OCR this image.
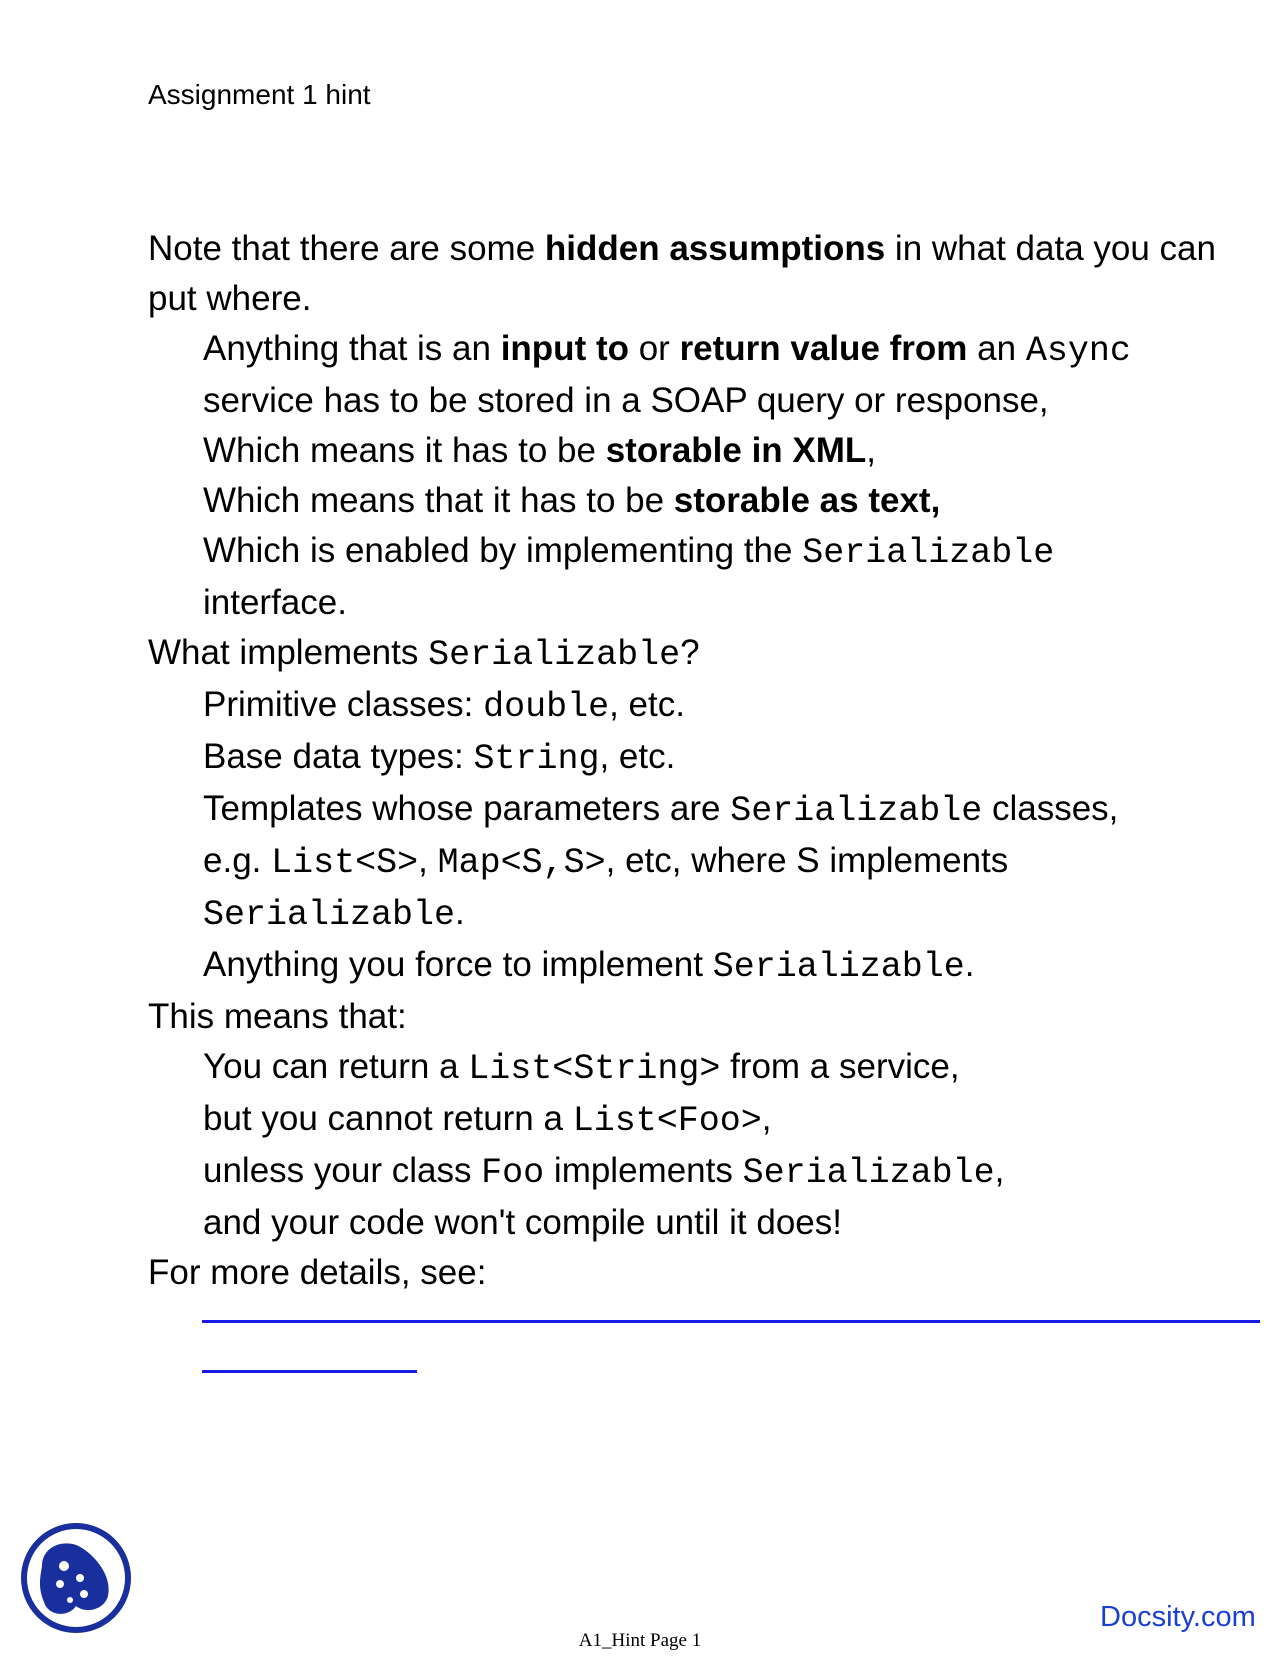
Assignment 1 hint

Note that there are some hidden assumptions in what data you can put where.

Anything that is an input to or return value from an Async

service has to be stored in a SOAP query or response,

Which means it has to be storable in XML,

Which means that it has to be storable as text,

Which is enabled by implementing the Serializable

interface.

What implements Serializable?

Primitive classes: double, etc.

Base data types: String, etc.

Templates whose parameters are Serializable classes,

e.g. List<S>, Map<S,S>, etc, where S implements

Serializable.

Anything you force to implement Serializable.

This means that:

You can return a List<String> from a service,

but you cannot return a List<Foo>,

unless your class Foo implements Serializable,

and your code won't compile until it does!

For more details, see:

Docsity.com
A1_Hint Page 1
